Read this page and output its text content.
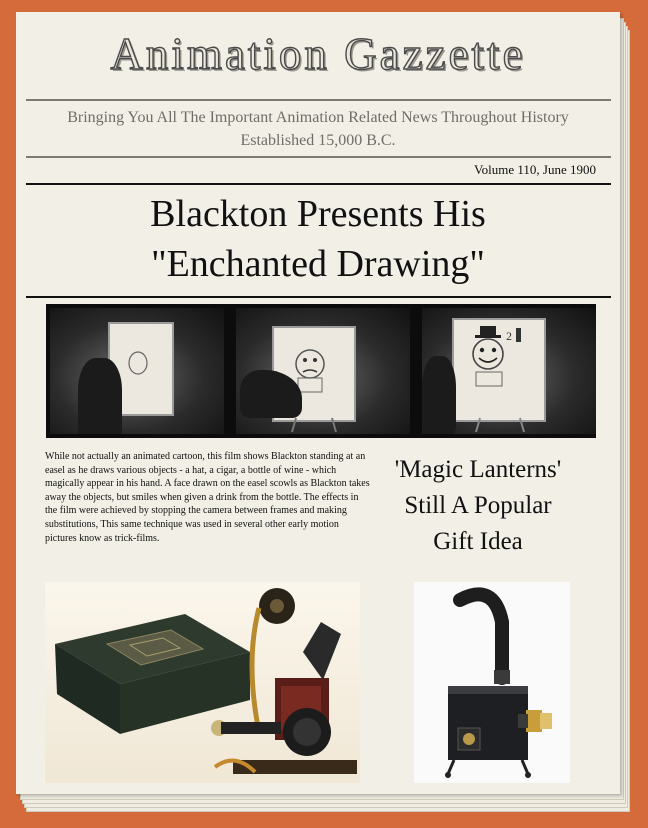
Animation Gazzette
Bringing You All The Important Animation Related News Throughout History
Established 15,000 B.C.
Volume 110, June 1900
Blackton Presents His
"Enchanted Drawing"
2
While not actually an animated cartoon, this film shows Blackton standing at an easel as he draws various objects - a hat, a cigar, a bottle of wine - which magically appear in his hand. A face drawn on the easel scowls as Blackton takes away the objects, but smiles when given a drink from the bottle. The effects in the film were achieved by stopping the camera between frames and making substitutions, This same technique was used in several other early motion pictures know as trick-films.
'Magic Lanterns'
Still A Popular
Gift Idea
